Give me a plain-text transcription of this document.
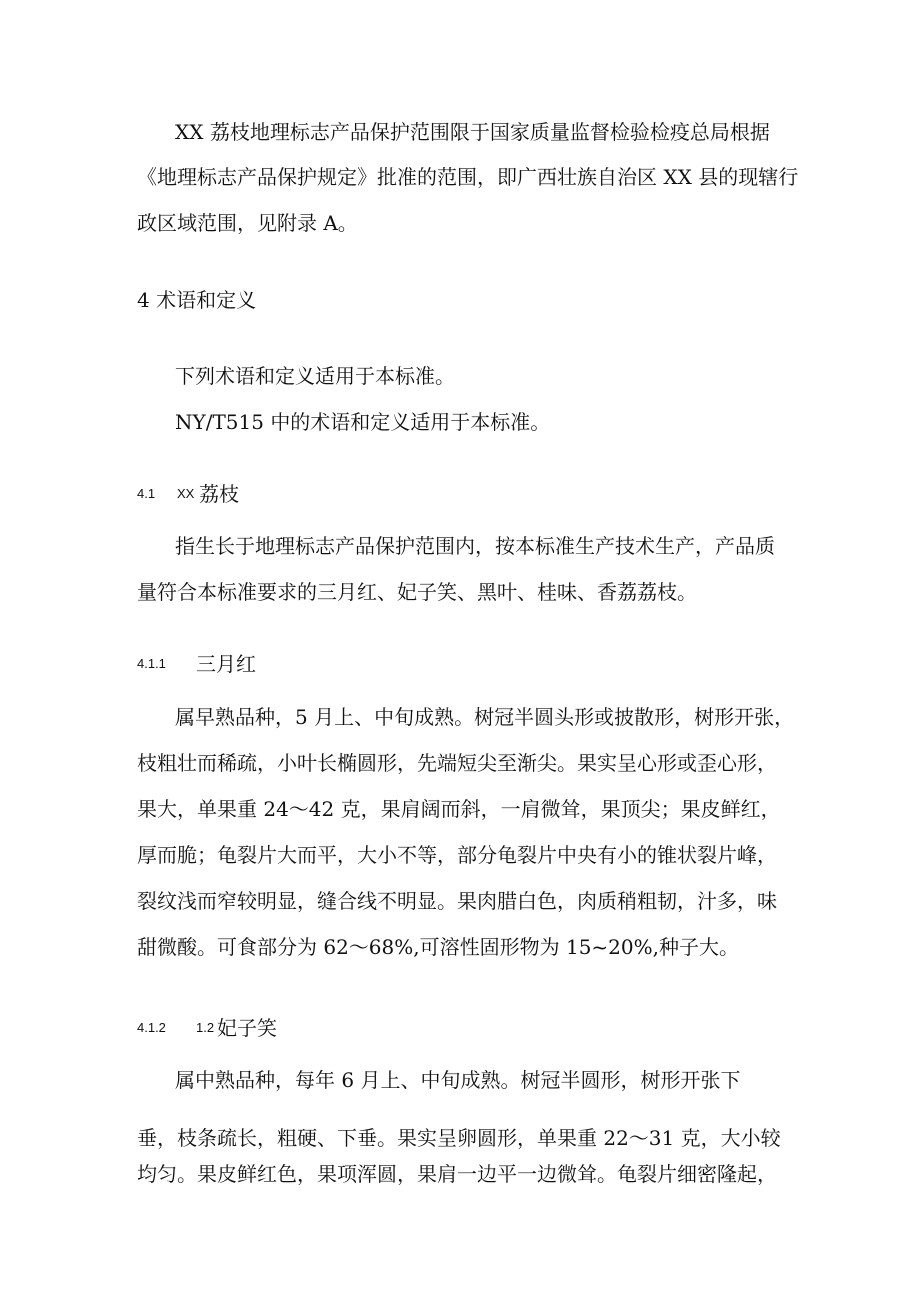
XX 荔枝地理标志产品保护范围限于国家质量监督检验检疫总局根据
《地理标志产品保护规定》批准的范围，即广西壮族自治区 XX 县的现辖行
政区域范围，见附录 A。
4 术语和定义
下列术语和定义适用于本标准。
NY/T515 中的术语和定义适用于本标准。
4.1 XX 荔枝
指生长于地理标志产品保护范围内，按本标准生产技术生产，产品质
量符合本标准要求的三月红、妃子笑、黑叶、桂味、香荔荔枝。
4.1.1 三月红
属早熟品种，5 月上、中旬成熟。树冠半圆头形或披散形，树形开张，
枝粗壮而稀疏，小叶长椭圆形，先端短尖至渐尖。果实呈心形或歪心形，
果大，单果重 24～42 克，果肩阔而斜，一肩微耸，果顶尖；果皮鲜红，
厚而脆；龟裂片大而平，大小不等，部分龟裂片中央有小的锥状裂片峰，
裂纹浅而窄较明显，缝合线不明显。果肉腊白色，肉质稍粗韧，汁多，味
甜微酸。可食部分为 62～68%,可溶性固形物为 15~20%,种子大。
4.1.2 1.2 妃子笑
属中熟品种，每年 6 月上、中旬成熟。树冠半圆形，树形开张下
垂，枝条疏长，粗硬、下垂。果实呈卵圆形，单果重 22～31 克，大小较
均匀。果皮鲜红色，果项浑圆，果肩一边平一边微耸。龟裂片细密隆起，
